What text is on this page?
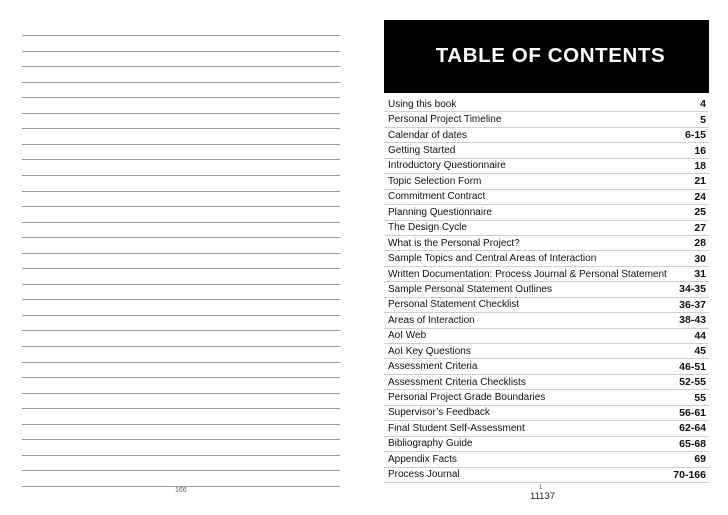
166
TABLE OF CONTENTS
Using this book	4
Personal Project Timeline	5
Calendar of dates	6-15
Getting Started	16
Introductory Questionnaire	18
Topic Selection Form	21
Commitment Contract	24
Planning Questionnaire	25
The Design Cycle	27
What is the Personal Project?	28
Sample Topics and Central Areas of Interaction	30
Written Documentation: Process Journal & Personal Statement	31
Sample Personal Statement Outlines	34-35
Personal Statement Checklist	36-37
Areas of Interaction	38-43
AoI Web	44
AoI Key Questions	45
Assessment Criteria	46-51
Assessment Criteria Checklists	52-55
Personal Project Grade Boundaries	55
Supervisor’s Feedback	56-61
Final Student Self-Assessment	62-64
Bibliography Guide	65-68
Appendix Facts	69
Process Journal	70-166
1
11137
